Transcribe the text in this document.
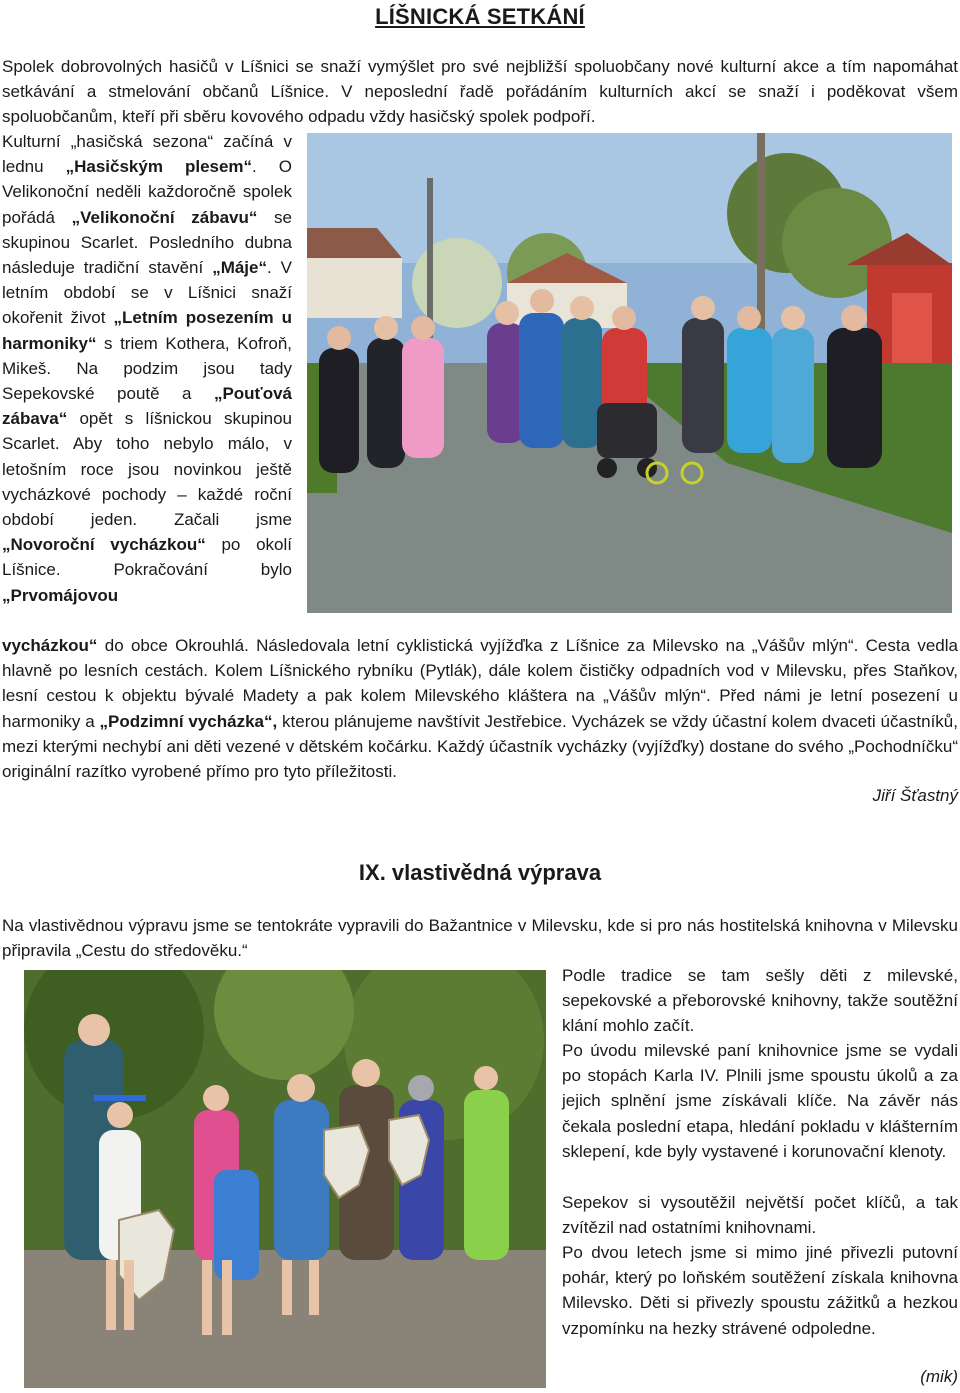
LÍŠNICKÁ SETKÁNÍ

Spolek dobrovolných hasičů v Líšnici se snaží vymýšlet pro své nejbližší spoluobčany nové kulturní akce a tím napomáhat setkávání a stmelování občanů Líšnice. V neposlední řadě pořádáním kulturních akcí se snaží i poděkovat všem spoluobčanům, kteří při sběru kovového odpadu vždy hasičský spolek podpoří.

Kulturní „hasičská sezona“ začíná v lednu „Hasičským plesem“. O Velikonoční neděli každoročně spolek pořádá „Velikonoční zábavu“ se skupinou Scarlet. Posledního dubna následuje tradiční stavění „Máje“. V letním období se v Líšnici snaží okořenit život „Letním posezením u harmoniky“ s triem Kothera, Kofroň, Mikeš. Na podzim jsou tady Sepekovské poutě a „Pouťová zábava“ opět s líšnickou skupinou Scarlet. Aby toho nebylo málo, v letošním roce jsou novinkou ještě vycházkové pochody – každé roční období jeden. Začali jsme „Novoroční vycházkou“ po okolí Líšnice. Pokračování bylo „Prvomájovou

vycházkou“ do obce Okrouhlá. Následovala letní cyklistická vyjížďka z Líšnice za Milevsko na „Vášův mlýn“. Cesta vedla hlavně po lesních cestách. Kolem Líšnického rybníku (Pytlák), dále kolem čističky odpadních vod v Milevsku, přes Staňkov, lesní cestou k objektu bývalé Madety a pak kolem Milevského kláštera na „Vášův mlýn“. Před námi je letní posezení u harmoniky a „Podzimní vycházka“, kterou plánujeme navštívit Jestřebice. Vycházek se vždy účastní kolem dvaceti účastníků, mezi kterými nechybí ani děti vezené v dětském kočárku. Každý účastník vycházky (vyjížďky) dostane do svého „Pochodníčku“ originální razítko vyrobené přímo pro tyto příležitosti.

Jiří Šťastný
IX. vlastivědná výprava

Na vlastivědnou výpravu jsme se tentokráte vypravili do Bažantnice v Milevsku, kde si pro nás hostitelská knihovna v Milevsku připravila „Cestu do středověku.“

Podle tradice se tam sešly děti z milevské, sepekovské a přeborovské knihovny, takže soutěžní klání mohlo začít.

Po úvodu milevské paní knihovnice jsme se vydali po stopách Karla IV. Plnili jsme spoustu úkolů a za jejich splnění jsme získávali klíče. Na závěr nás čekala poslední etapa, hledání pokladu v klášterním sklepení, kde byly vystavené i korunovační klenoty.

Sepekov si vysoutěžil největší počet klíčů, a tak zvítězil nad ostatními knihovnami.

Po dvou letech jsme si mimo jiné přivezli putovní pohár, který po loňském soutěžení získala knihovna Milevsko. Děti si přivezly spoustu zážitků a hezkou vzpomínku na hezky strávené odpoledne.

(mik)
